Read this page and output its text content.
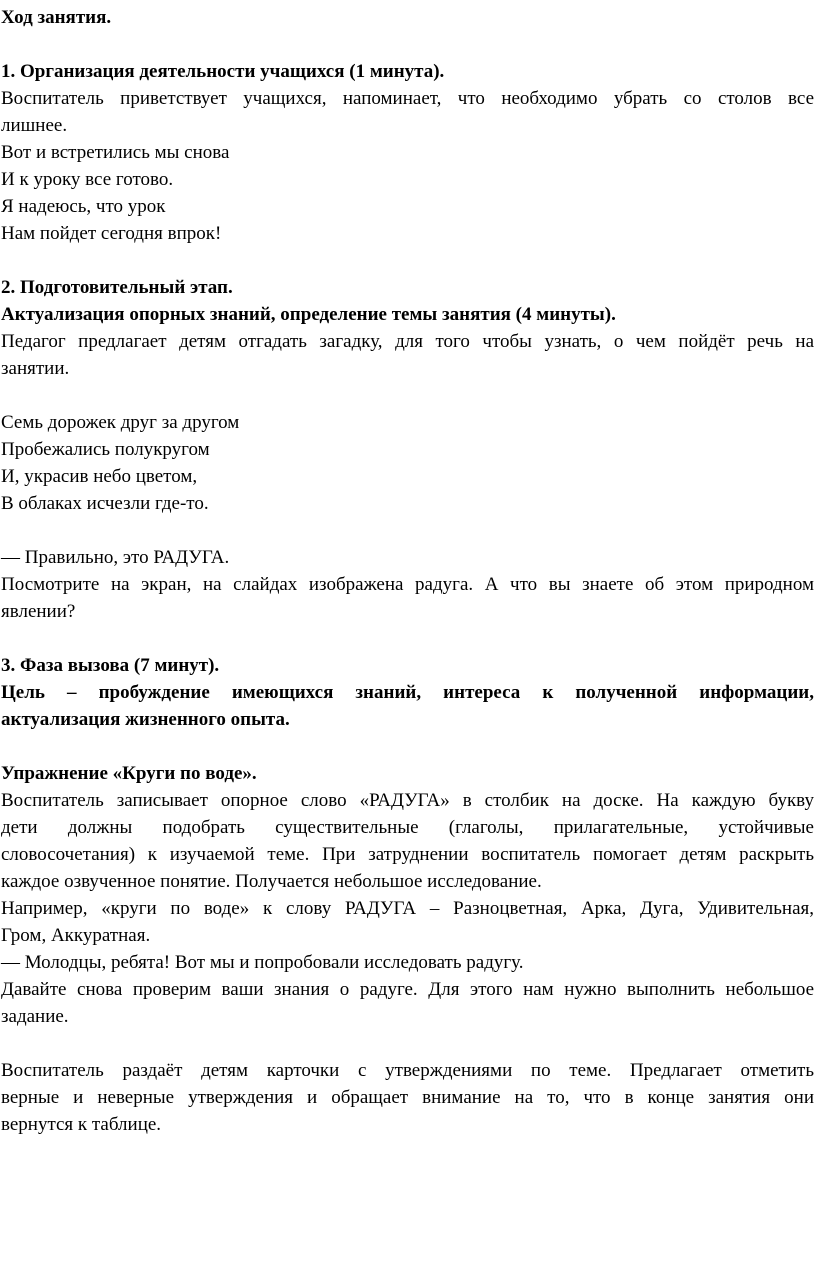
Ход занятия.
1. Организация деятельности учащихся (1 минута).
Воспитатель приветствует учащихся, напоминает, что необходимо убрать со столов все
лишнее.
Вот и встретились мы снова
И к уроку все готово.
Я надеюсь, что урок
Нам пойдет сегодня впрок!
2. Подготовительный этап.
Актуализация опорных знаний, определение темы занятия (4 минуты).
Педагог предлагает детям отгадать загадку, для того чтобы узнать, о чем пойдёт речь на
занятии.
Семь дорожек друг за другом
Пробежались полукругом
И, украсив небо цветом,
В облаках исчезли где-то.
— Правильно, это РАДУГА.
Посмотрите на экран, на слайдах изображена радуга. А что вы знаете об этом природном
явлении?
3. Фаза вызова (7 минут).
Цель – пробуждение имеющихся знаний, интереса к полученной информации,
актуализация жизненного опыта.
Упражнение «Круги по воде».
Воспитатель записывает опорное слово «РАДУГА» в столбик на доске. На каждую букву
дети должны подобрать существительные (глаголы, прилагательные, устойчивые
словосочетания) к изучаемой теме. При затруднении воспитатель помогает детям раскрыть
каждое озвученное понятие. Получается небольшое исследование.
Например, «круги по воде» к слову РАДУГА – Разноцветная, Арка, Дуга, Удивительная,
Гром, Аккуратная.
— Молодцы, ребята! Вот мы и попробовали исследовать радугу.
Давайте снова проверим ваши знания о радуге. Для этого нам нужно выполнить небольшое
задание.
Воспитатель раздаёт детям карточки с утверждениями по теме. Предлагает отметить
верные и неверные утверждения и обращает внимание на то, что в конце занятия они
вернутся к таблице.
